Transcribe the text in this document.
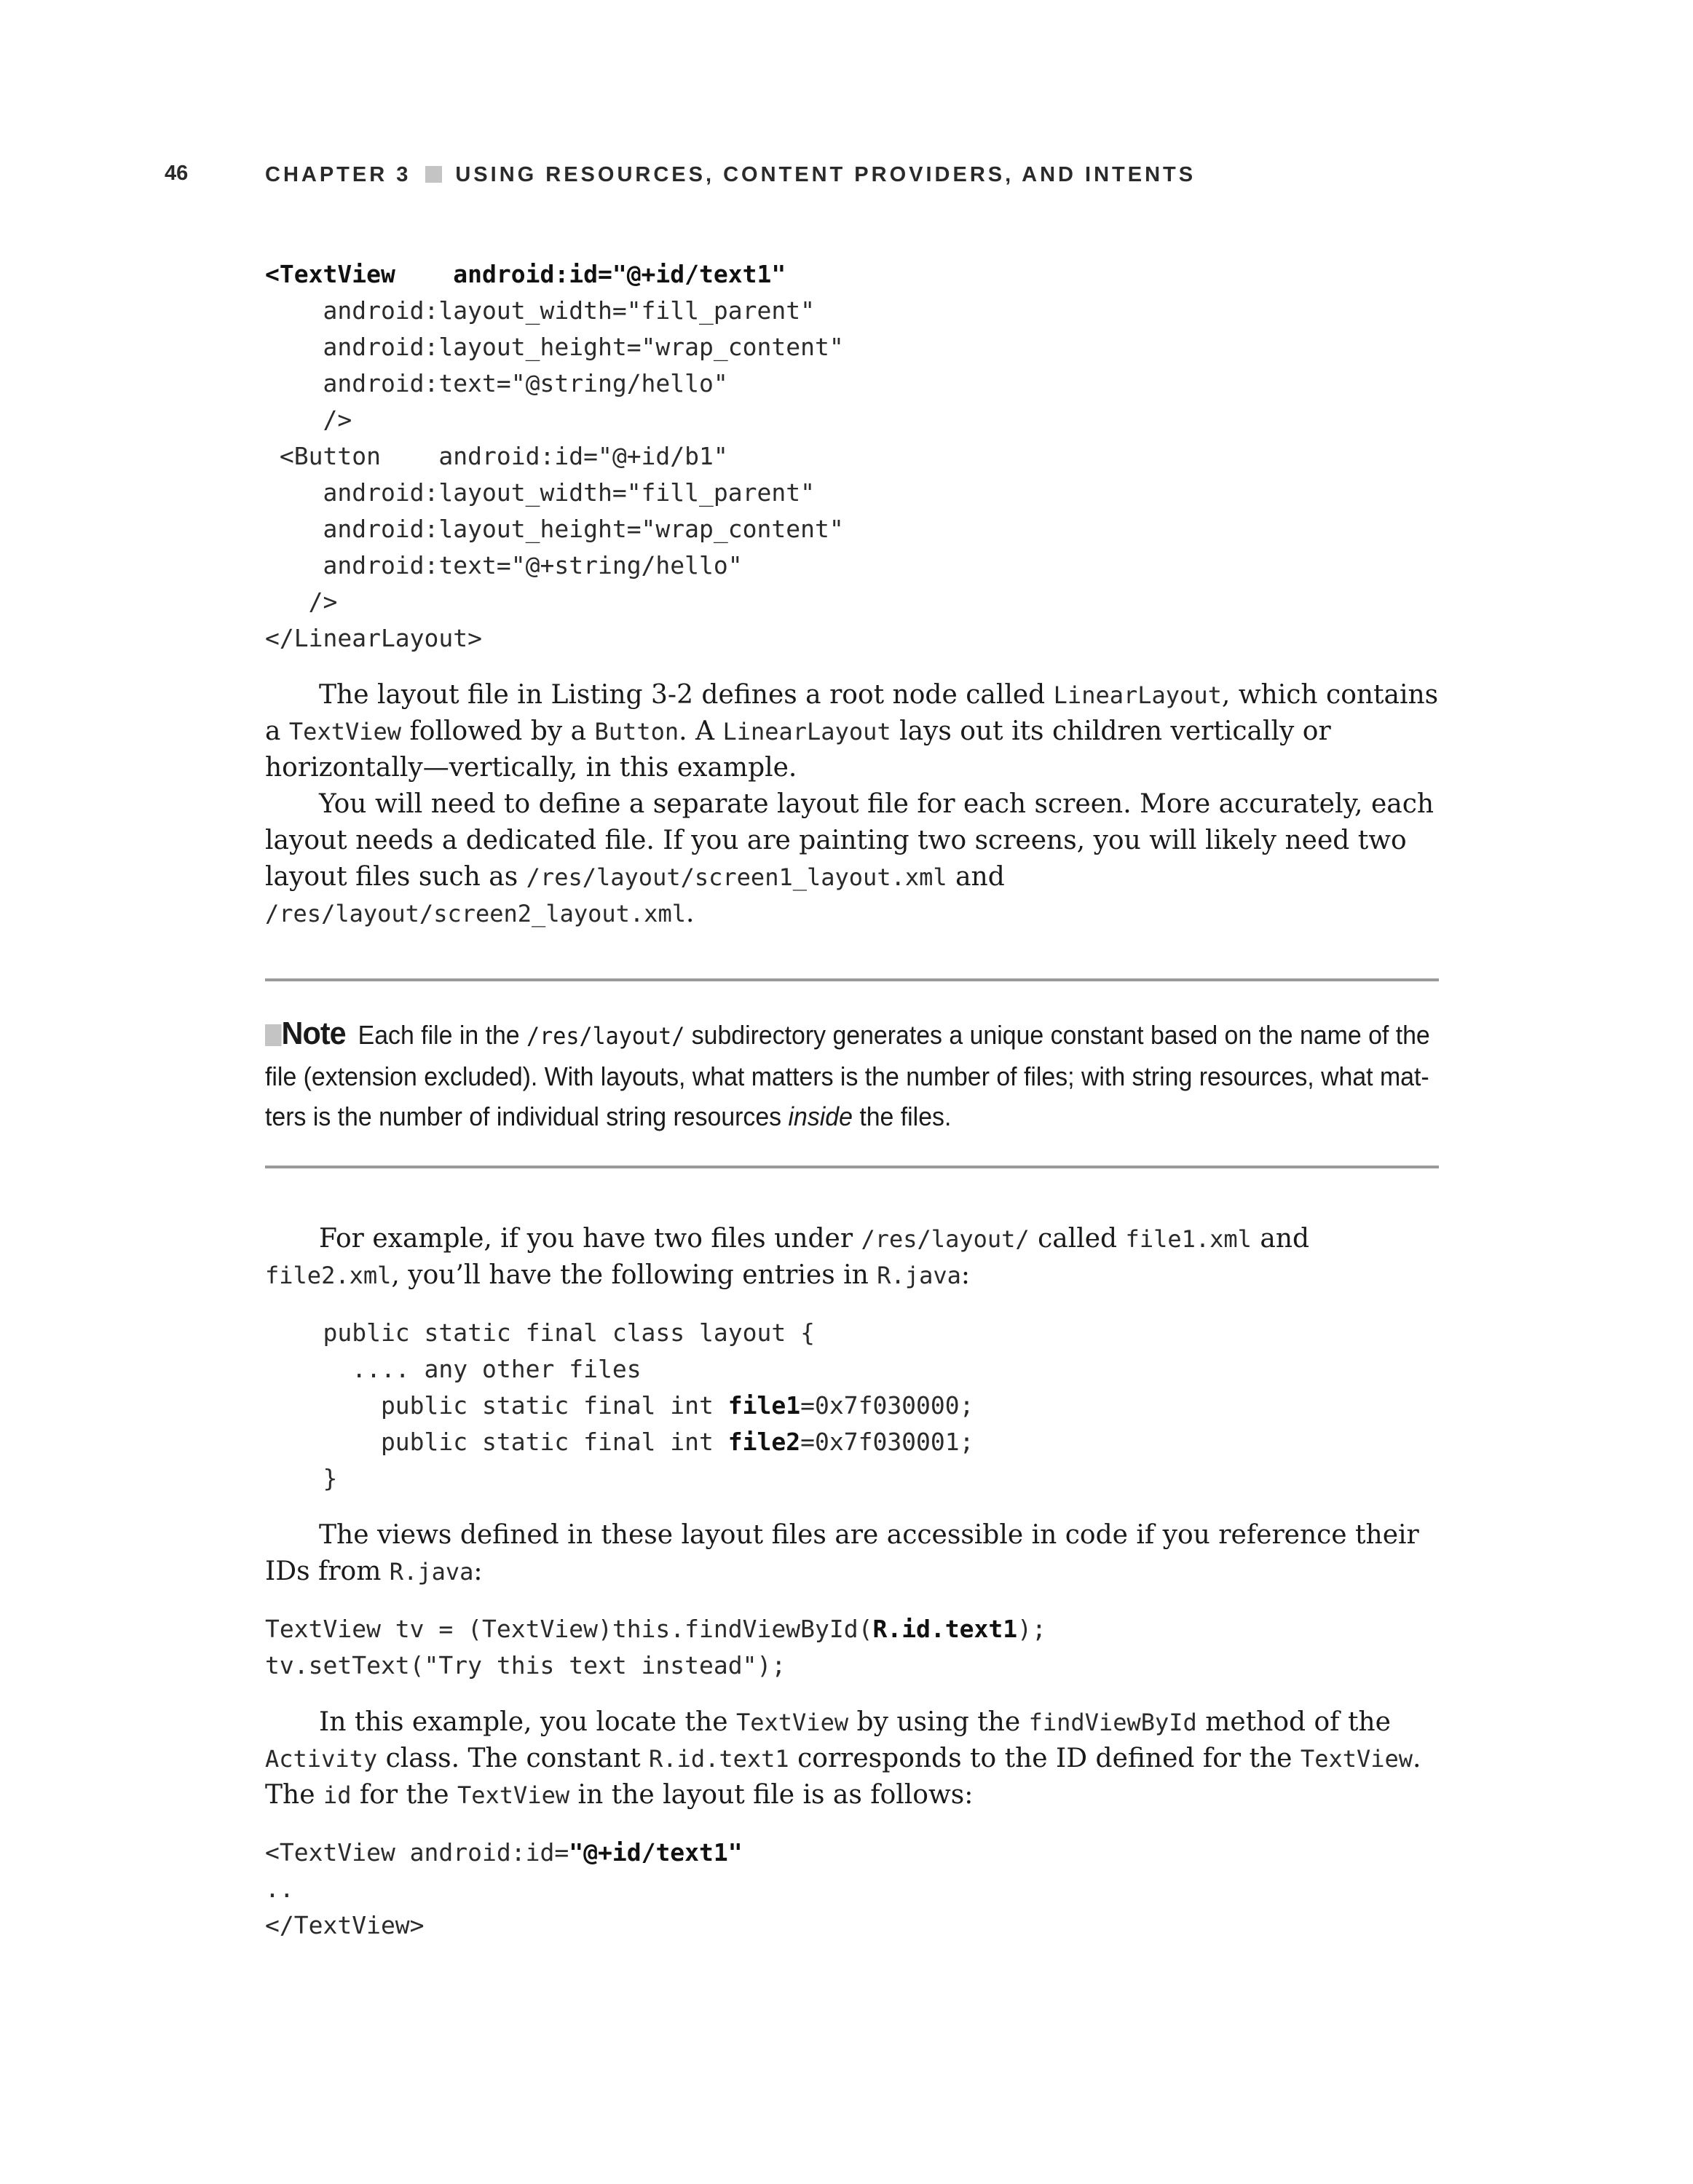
46	CHAPTER 3 USING RESOURCES, CONTENT PROVIDERS, AND INTENTS
<TextView    android:id="@+id/text1"
android:layout_width="fill_parent"
android:layout_height="wrap_content"
android:text="@string/hello"
/>
<Button    android:id="@+id/b1"
android:layout_width="fill_parent"
android:layout_height="wrap_content"
android:text="@+string/hello"
/>
</LinearLayout>

The layout file in Listing 3-2 defines a root node called LinearLayout, which contains a TextView followed by a Button. A LinearLayout lays out its children vertically or horizontally—vertically, in this example.

You will need to define a separate layout file for each screen. More accurately, each layout needs a dedicated file. If you are painting two screens, you will likely need two layout files such as /res/layout/screen1_layout.xml and /res/layout/screen2_layout.xml.

Note Each file in the /res/layout/ subdirectory generates a unique constant based on the name of the file (extension excluded). With layouts, what matters is the number of files; with string resources, what mat-ters is the number of individual string resources inside the files.

For example, if you have two files under /res/layout/ called file1.xml and file2.xml, you’ll have the following entries in R.java:

public static final class layout {
.... any other files
public static final int file1=0x7f030000;
public static final int file2=0x7f030001;
}

The views defined in these layout files are accessible in code if you reference their IDs from R.java:

TextView tv = (TextView)this.findViewById(R.id.text1);
tv.setText("Try this text instead");

In this example, you locate the TextView by using the findViewById method of the Activity class. The constant R.id.text1 corresponds to the ID defined for the TextView. The id for the TextView in the layout file is as follows:

<TextView android:id="@+id/text1"
..
</TextView>
